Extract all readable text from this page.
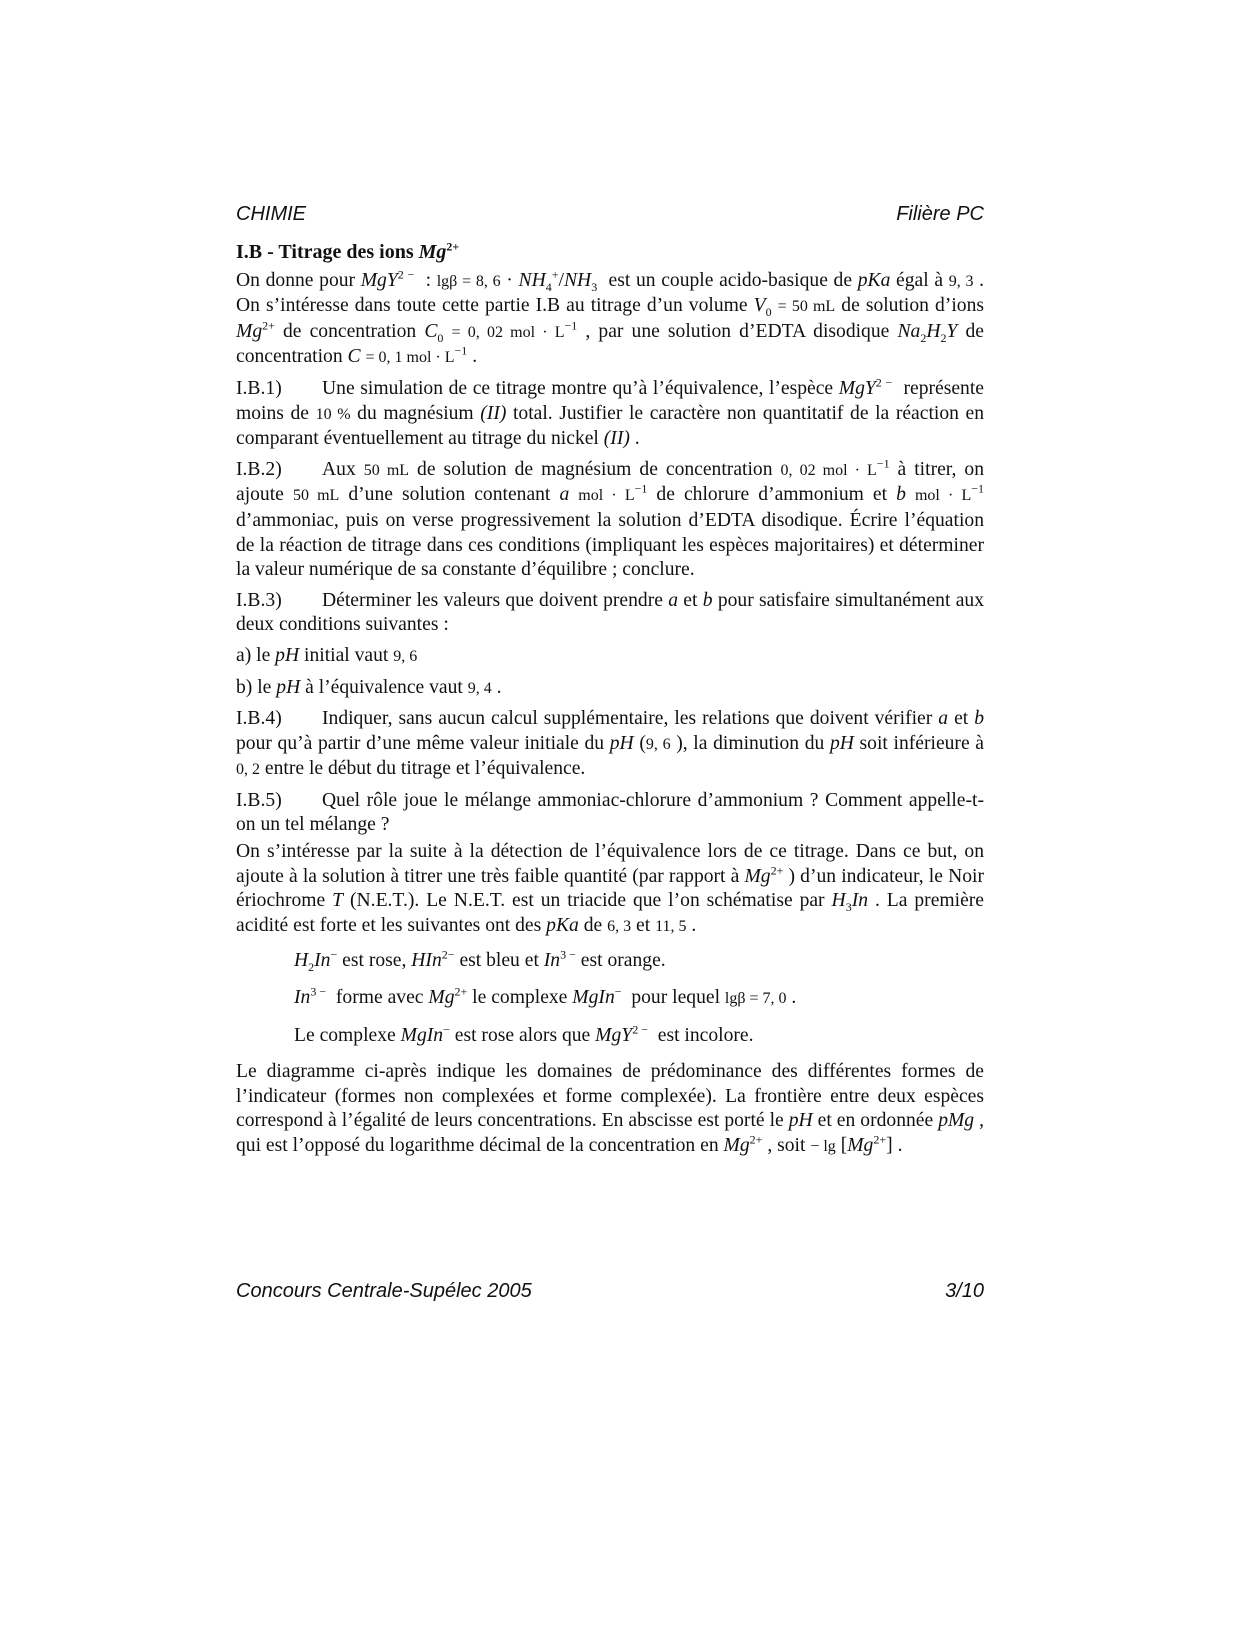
CHIMIE	Filière PC

I.B - Titrage des ions $Mg^{2+}$

On donne pour MgY$^{2 -}$  : lgβ = 8, $6 \cdot NH_4^+/NH_3$  est un couple acido-basique de pKa égal à 9, 3 . On s’intéresse dans toute cette partie I.B au titrage d’un volume $V_0 = 50$ mL de solution d’ions $Mg^{2+}$ de concentration $C_0 = 0$, 02 mol · $L^{-1}$ , par une solution d’EDTA disodique $Na_2H_2Y$ de concentration C = 0, 1 mol · $L^{-1}$ .

I.B.1) Une simulation de ce titrage montre qu’à l’équivalence, l’espèce MgY$^{2 -}$  représente moins de 10 % du magnésium (II) total. Justifier le caractère non quantitatif de la réaction en comparant éventuellement au titrage du nickel (II) .

I.B.2) Aux 50 mL de solution de magnésium de concentration 0, 02 mol · $L^{-1}$ à titrer, on ajoute 50 mL d’une solution contenant a mol · $L^{-1}$ de chlorure d’ammonium et b mol · $L^{-1}$ d’ammoniac, puis on verse progressivement la solution d’EDTA disodique. Écrire l’équation de la réaction de titrage dans ces conditions (impliquant les espèces majoritaires) et déterminer la valeur numérique de sa constante d’équilibre ; conclure.

I.B.3) Déterminer les valeurs que doivent prendre a et b pour satisfaire simultanément aux deux conditions suivantes :

a) le pH initial vaut 9, 6

b) le pH à l’équivalence vaut 9, 4 .

I.B.4) Indiquer, sans aucun calcul supplémentaire, les relations que doivent vérifier a et b pour qu’à partir d’une même valeur initiale du pH (9, 6 ), la diminution du pH soit inférieure à 0, 2 entre le début du titrage et l’équivalence.

I.B.5) Quel rôle joue le mélange ammoniac-chlorure d’ammonium ? Comment appelle-t-on un tel mélange ?

On s’intéresse par la suite à la détection de l’équivalence lors de ce titrage. Dans ce but, on ajoute à la solution à titrer une très faible quantité (par rapport à $Mg^{2+}$ ) d’un indicateur, le Noir ériochrome T (N.E.T.). Le N.E.T. est un triacide que l’on schématise par $H_3In$ . La première acidité est forte et les suivantes ont des pKa de 6, 3 et 11, 5 .

$H_2In^-$ est rose, HIn$^{2-}$ est bleu et $In^{3 -}$ est orange.

$In^{3 -}$  forme avec $Mg^{2+}$ le complexe MgIn−  pour lequel lgβ = 7, 0 .

Le complexe MgIn− est rose alors que MgY$^{2 -}$  est incolore.

Le diagramme ci-après indique les domaines de prédominance des différentes formes de l’indicateur (formes non complexées et forme complexée). La frontière entre deux espèces correspond à l’égalité de leurs concentrations. En abscisse est porté le pH et en ordonnée pMg , qui est l’opposé du logarithme décimal de la concentration en $Mg^{2+}$ , soit − $\lg [Mg^{2+}]$ .

Concours Centrale-Supélec 2005	3/10
